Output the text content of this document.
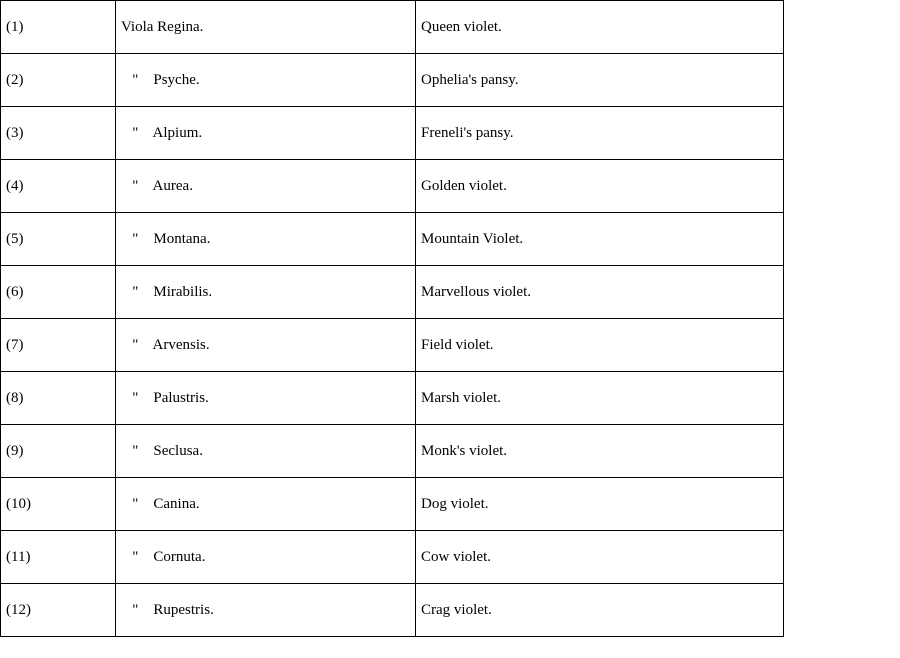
(1)	Viola Regina.	Queen violet.
(2)	"    Psyche.	Ophelia's pansy.
(3)	"    Alpium.	Freneli's pansy.
(4)	"    Aurea.	Golden violet.
(5)	"    Montana.	Mountain Violet.
(6)	"    Mirabilis.	Marvellous violet.
(7)	"    Arvensis.	Field violet.
(8)	"    Palustris.	Marsh violet.
(9)	"    Seclusa.	Monk's violet.
(10)	"    Canina.	Dog violet.
(11)	"    Cornuta.	Cow violet.
(12)	"    Rupestris.	Crag violet.
